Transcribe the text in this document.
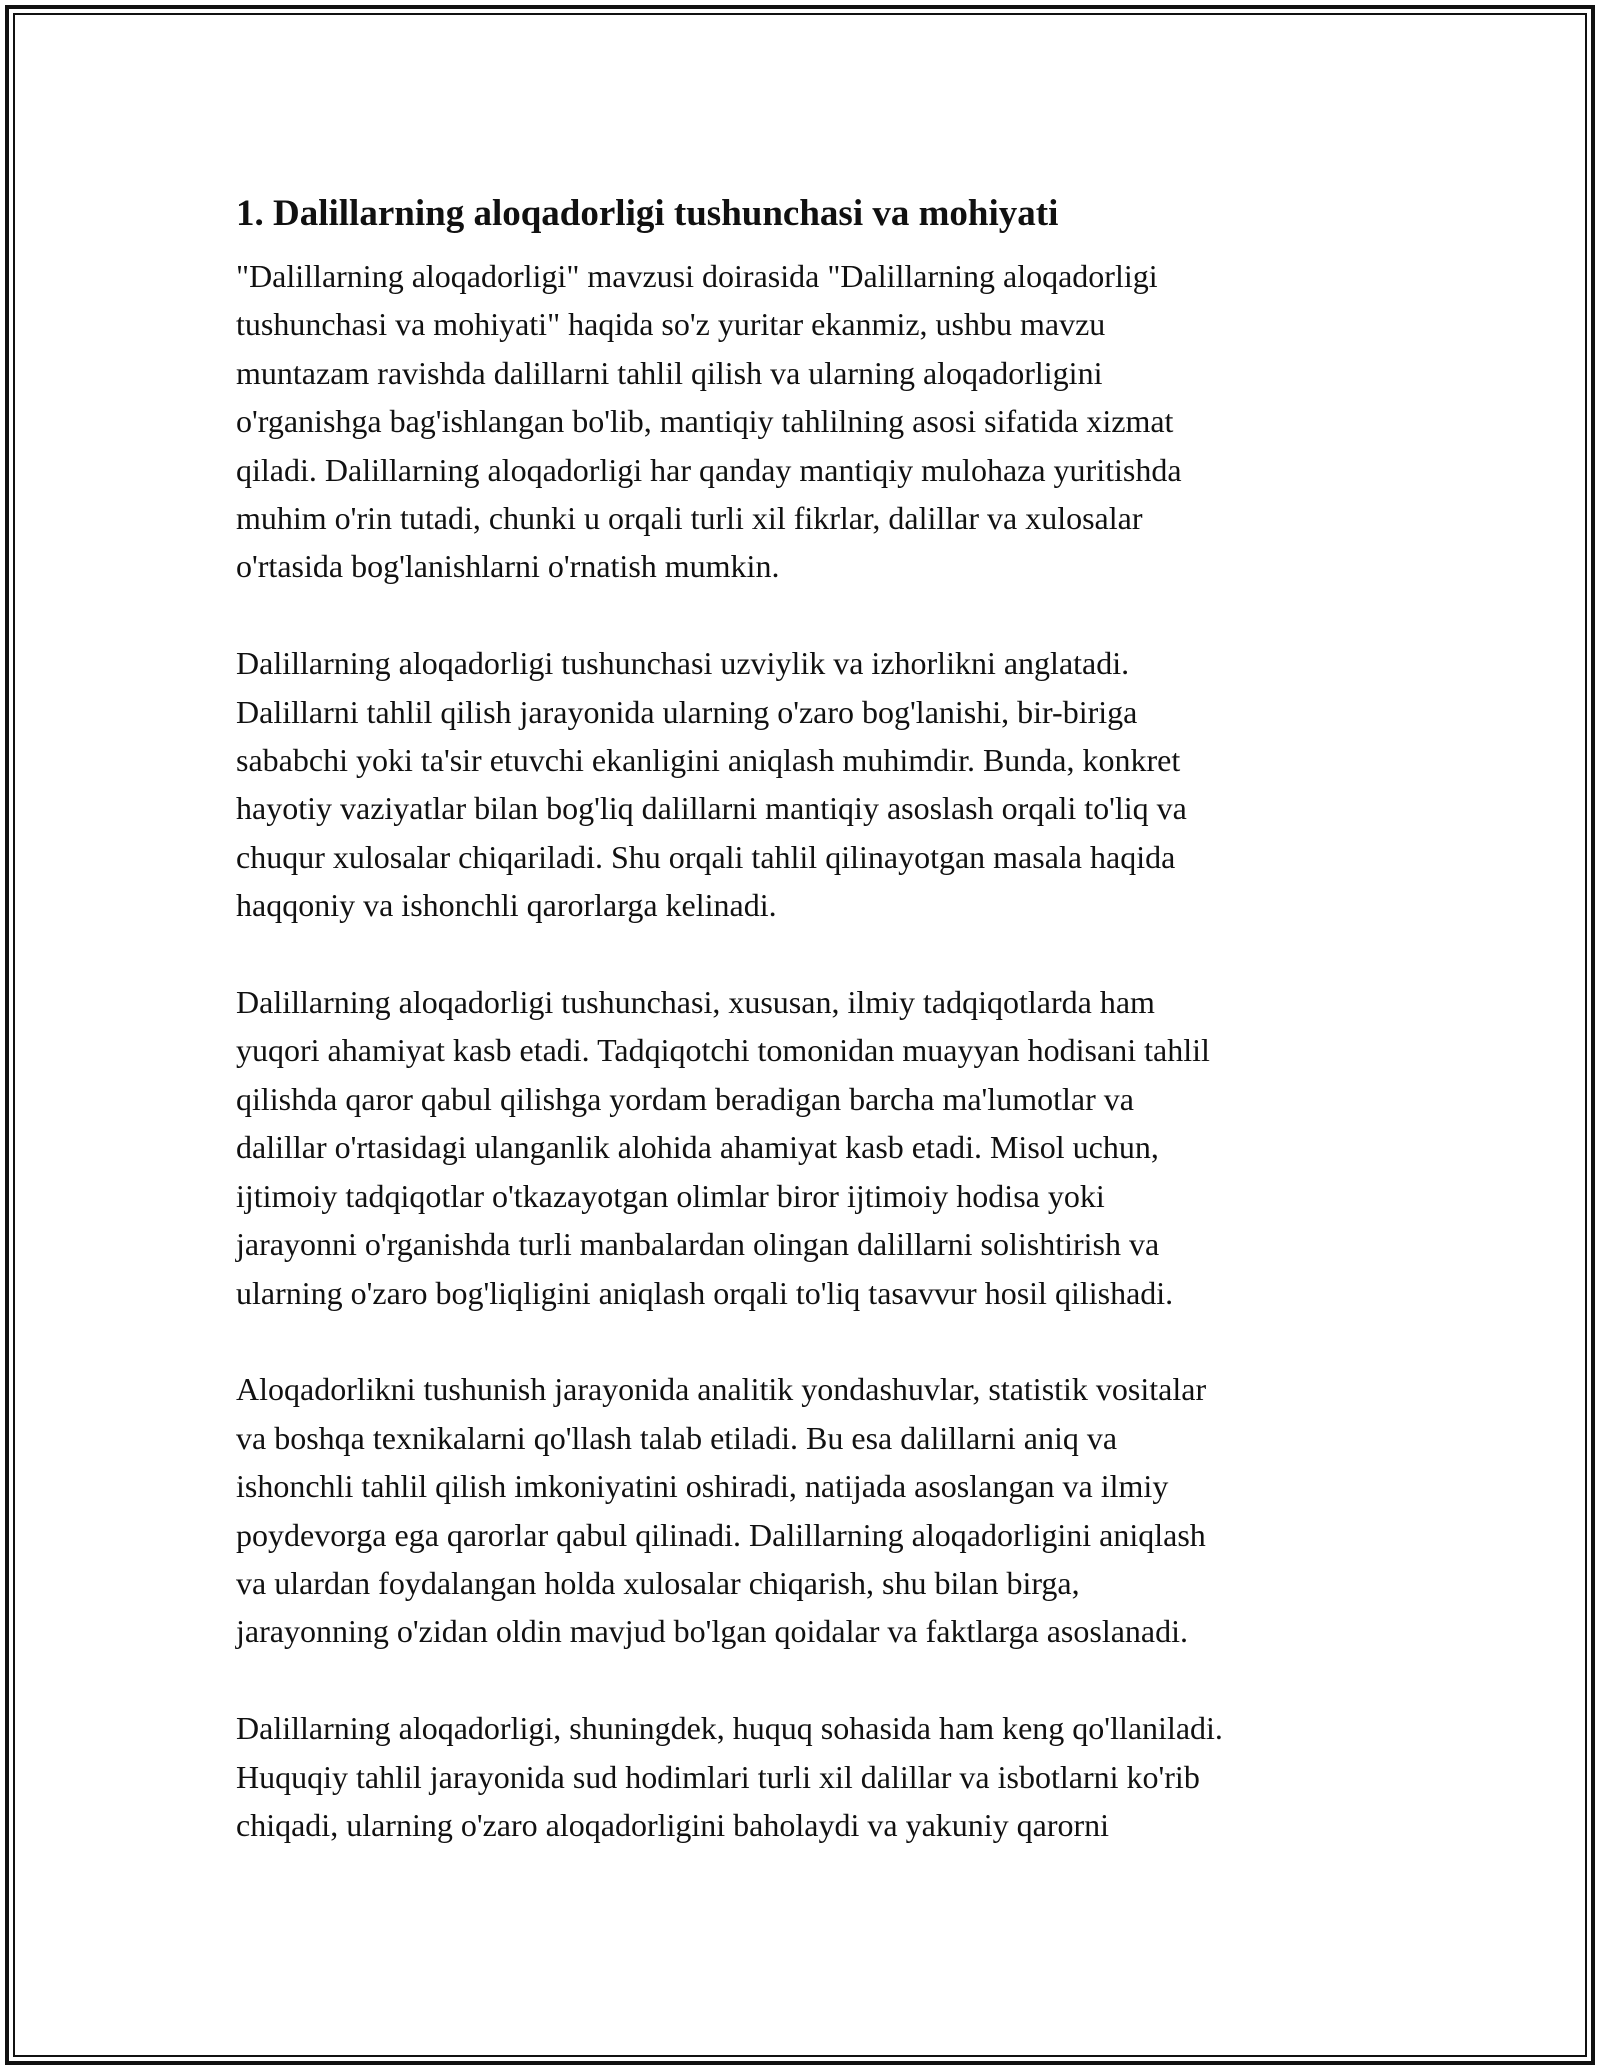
1. Dalillarning aloqadorligi tushunchasi va mohiyati

"Dalillarning aloqadorligi" mavzusi doirasida "Dalillarning aloqadorligi
tushunchasi va mohiyati" haqida so'z yuritar ekanmiz, ushbu mavzu
muntazam ravishda dalillarni tahlil qilish va ularning aloqadorligini
o'rganishga bag'ishlangan bo'lib, mantiqiy tahlilning asosi sifatida xizmat
qiladi. Dalillarning aloqadorligi har qanday mantiqiy mulohaza yuritishda
muhim o'rin tutadi, chunki u orqali turli xil fikrlar, dalillar va xulosalar
o'rtasida bog'lanishlarni o'rnatish mumkin.

Dalillarning aloqadorligi tushunchasi uzviylik va izhorlikni anglatadi.
Dalillarni tahlil qilish jarayonida ularning o'zaro bog'lanishi, bir-biriga
sababchi yoki ta'sir etuvchi ekanligini aniqlash muhimdir. Bunda, konkret
hayotiy vaziyatlar bilan bog'liq dalillarni mantiqiy asoslash orqali to'liq va
chuqur xulosalar chiqariladi. Shu orqali tahlil qilinayotgan masala haqida
haqqoniy va ishonchli qarorlarga kelinadi.

Dalillarning aloqadorligi tushunchasi, xususan, ilmiy tadqiqotlarda ham
yuqori ahamiyat kasb etadi. Tadqiqotchi tomonidan muayyan hodisani tahlil
qilishda qaror qabul qilishga yordam beradigan barcha ma'lumotlar va
dalillar o'rtasidagi ulanganlik alohida ahamiyat kasb etadi. Misol uchun,
ijtimoiy tadqiqotlar o'tkazayotgan olimlar biror ijtimoiy hodisa yoki
jarayonni o'rganishda turli manbalardan olingan dalillarni solishtirish va
ularning o'zaro bog'liqligini aniqlash orqali to'liq tasavvur hosil qilishadi.

Aloqadorlikni tushunish jarayonida analitik yondashuvlar, statistik vositalar
va boshqa texnikalarni qo'llash talab etiladi. Bu esa dalillarni aniq va
ishonchli tahlil qilish imkoniyatini oshiradi, natijada asoslangan va ilmiy
poydevorga ega qarorlar qabul qilinadi. Dalillarning aloqadorligini aniqlash
va ulardan foydalangan holda xulosalar chiqarish, shu bilan birga,
jarayonning o'zidan oldin mavjud bo'lgan qoidalar va faktlarga asoslanadi.

Dalillarning aloqadorligi, shuningdek, huquq sohasida ham keng qo'llaniladi.
Huquqiy tahlil jarayonida sud hodimlari turli xil dalillar va isbotlarni ko'rib
chiqadi, ularning o'zaro aloqadorligini baholaydi va yakuniy qarorni
